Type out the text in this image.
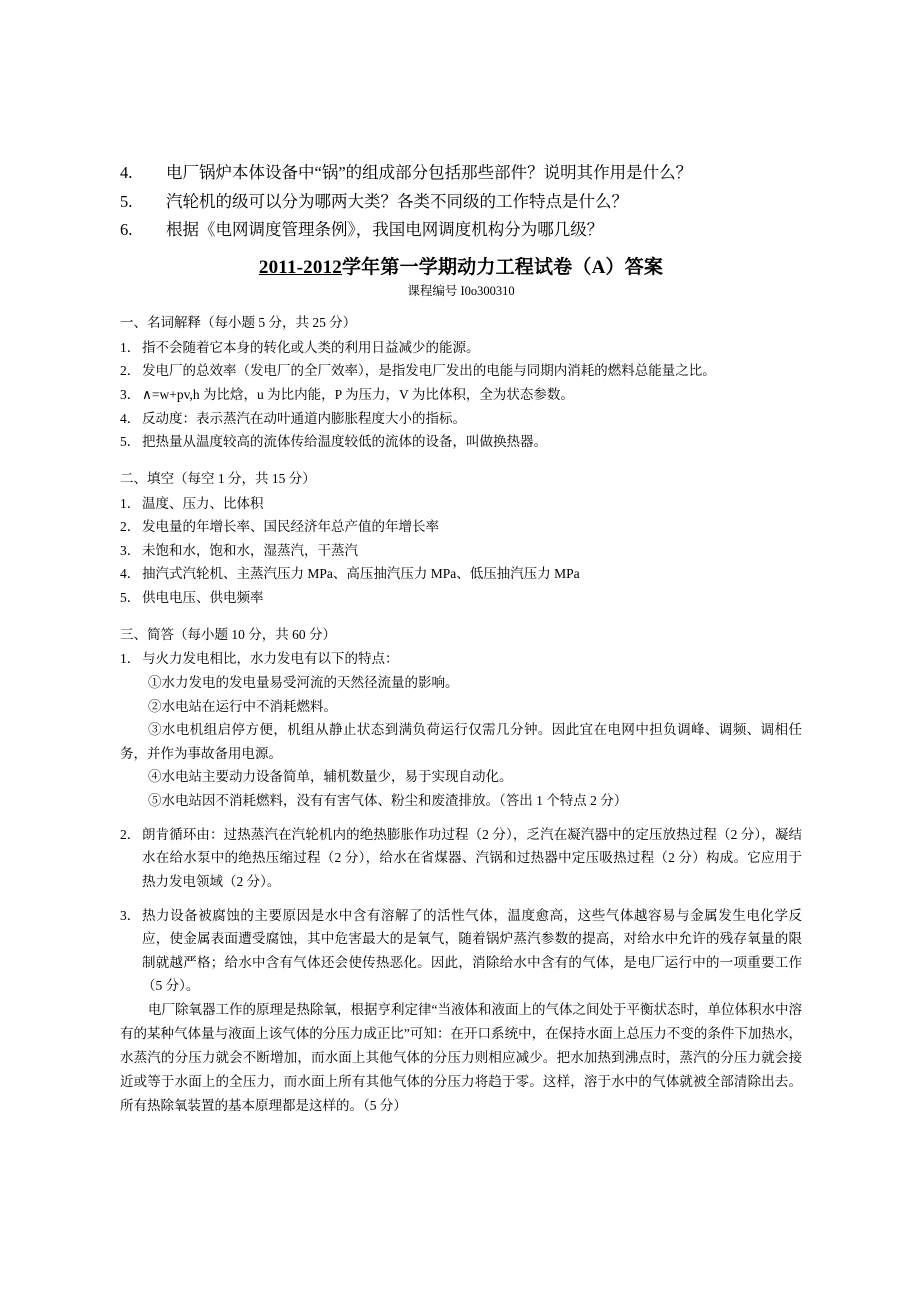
4.	电厂锅炉本体设备中“锅”的组成部分包括那些部件？说明其作用是什么？
5.	汽轮机的级可以分为哪两大类？各类不同级的工作特点是什么？
6.	根据《电网调度管理条例》，我国电网调度机构分为哪几级？
2011-2012学年第一学期动力工程试卷（A）答案
课程编号 I0o300310
一、名词解释（每小题 5 分，共 25 分）
1． 指不会随着它本身的转化或人类的利用日益减少的能源。
2． 发电厂的总效率（发电厂的全厂效率），是指发电厂发出的电能与同期内消耗的燃料总能量之比。
3． ∧=w+pv,h 为比焓，u 为比内能，P 为压力，V 为比体积，全为状态参数。
4． 反动度：表示蒸汽在动叶通道内膨胀程度大小的指标。
5． 把热量从温度较高的流体传给温度较低的流体的设备，叫做换热器。
二、填空（每空 1 分，共 15 分）
1． 温度、压力、比体积
2． 发电量的年增长率、国民经济年总产值的年增长率
3． 未饱和水，饱和水，湿蒸汽，干蒸汽
4． 抽汽式汽轮机、主蒸汽压力 MPa、高压抽汽压力 MPa、低压抽汽压力 MPa
5． 供电电压、供电频率
三、简答（每小题 10 分，共 60 分）
1． 与火力发电相比，水力发电有以下的特点：
①水力发电的发电量易受河流的天然径流量的影响。
②水电站在运行中不消耗燃料。
③水电机组启停方便，机组从静止状态到满负荷运行仅需几分钟。因此宜在电网中担负调峰、调频、调相任务，并作为事故备用电源。
④水电站主要动力设备简单，辅机数量少，易于实现自动化。
⑤水电站因不消耗燃料，没有有害气体、粉尘和废渣排放。（答出 1 个特点 2 分）
2． 朗肯循环由：过热蒸汽在汽轮机内的绝热膨胀作功过程（2 分），乏汽在凝汽器中的定压放热过程（2 分），凝结水在给水泵中的绝热压缩过程（2 分），给水在省煤器、汽锅和过热器中定压吸热过程（2 分）构成。它应用于热力发电领域（2 分）。
3． 热力设备被腐蚀的主要原因是水中含有溶解了的活性气体，温度愈高，这些气体越容易与金属发生电化学反应，使金属表面遭受腐蚀，其中危害最大的是氧气，随着锅炉蒸汽参数的提高，对给水中允许的残存氧量的限制就越严格；给水中含有气体还会使传热恶化。因此，消除给水中含有的气体，是电厂运行中的一项重要工作（5 分）。
电厂除氧器工作的原理是热除氧，根据亨利定律“当液体和液面上的气体之间处于平衡状态时，单位体积水中溶有的某种气体量与液面上该气体的分压力成正比”可知：在开口系统中，在保持水面上总压力不变的条件下加热水，水蒸汽的分压力就会不断增加，而水面上其他气体的分压力则相应减少。把水加热到沸点时，蒸汽的分压力就会接近或等于水面上的全压力，而水面上所有其他气体的分压力将趋于零。这样，溶于水中的气体就被全部清除出去。所有热除氧装置的基本原理都是这样的。（5 分）
